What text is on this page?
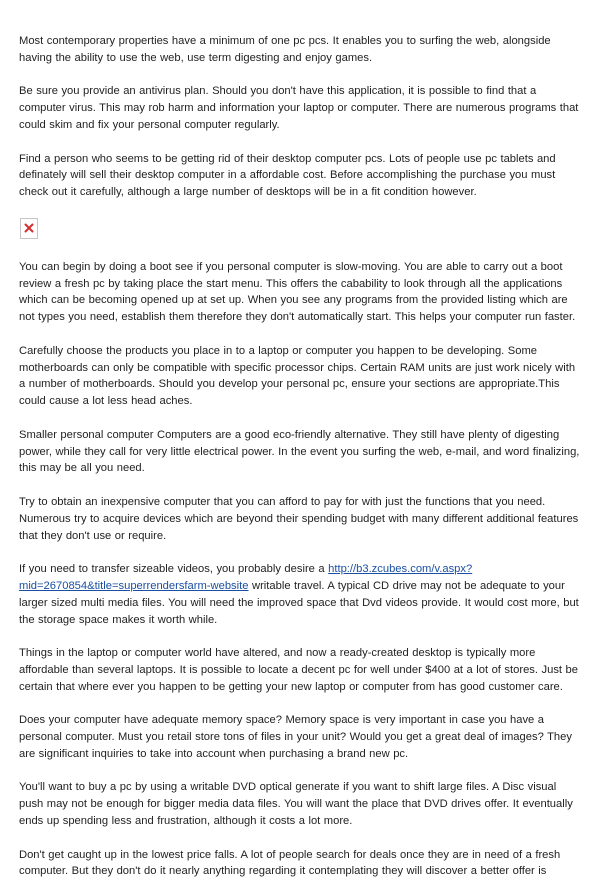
Most contemporary properties have a minimum of one pc pcs. It enables you to surfing the web, alongside having the ability to use the web, use term digesting and enjoy games.

Be sure you provide an antivirus plan. Should you don't have this application, it is possible to find that a computer virus. This may rob harm and information your laptop or computer. There are numerous programs that could skim and fix your personal computer regularly.

Find a person who seems to be getting rid of their desktop computer pcs. Lots of people use pc tablets and definately will sell their desktop computer in a affordable cost. Before accomplishing the purchase you must check out it carefully, although a large number of desktops will be in a fit condition however.

You can begin by doing a boot see if you personal computer is slow-moving. You are able to carry out a boot review a fresh pc by taking place the start menu. This offers the cabability to look through all the applications which can be becoming opened up at set up. When you see any programs from the provided listing which are not types you need, establish them therefore they don't automatically start. This helps your computer run faster.

Carefully choose the products you place in to a laptop or computer you happen to be developing. Some motherboards can only be compatible with specific processor chips. Certain RAM units are just work nicely with a number of motherboards. Should you develop your personal pc, ensure your sections are appropriate.This could cause a lot less head aches.

Smaller personal computer Computers are a good eco-friendly alternative. They still have plenty of digesting power, while they call for very little electrical power. In the event you surfing the web, e-mail, and word finalizing, this may be all you need.

Try to obtain an inexpensive computer that you can afford to pay for with just the functions that you need. Numerous try to acquire devices which are beyond their spending budget with many different additional features that they don't use or require.

If you need to transfer sizeable videos, you probably desire a http://b3.zcubes.com/v.aspx?mid=2670854&title=superrendersfarm-website writable travel. A typical CD drive may not be adequate to your larger sized multi media files. You will need the improved space that Dvd videos provide. It would cost more, but the storage space makes it worth while.

Things in the laptop or computer world have altered, and now a ready-created desktop is typically more affordable than several laptops. It is possible to locate a decent pc for well under $400 at a lot of stores. Just be certain that where ever you happen to be getting your new laptop or computer from has good customer care.

Does your computer have adequate memory space? Memory space is very important in case you have a personal computer. Must you retail store tons of files in your unit? Would you get a great deal of images? They are significant inquiries to take into account when purchasing a brand new pc.

You'll want to buy a pc by using a writable DVD optical generate if you want to shift large files. A Disc visual push may not be enough for bigger media data files. You will want the place that DVD drives offer. It eventually ends up spending less and frustration, although it costs a lot more.

Don't get caught up in the lowest price falls. A lot of people search for deals once they are in need of a fresh computer. But they don't do it nearly anything regarding it contemplating they will discover a better offer is
